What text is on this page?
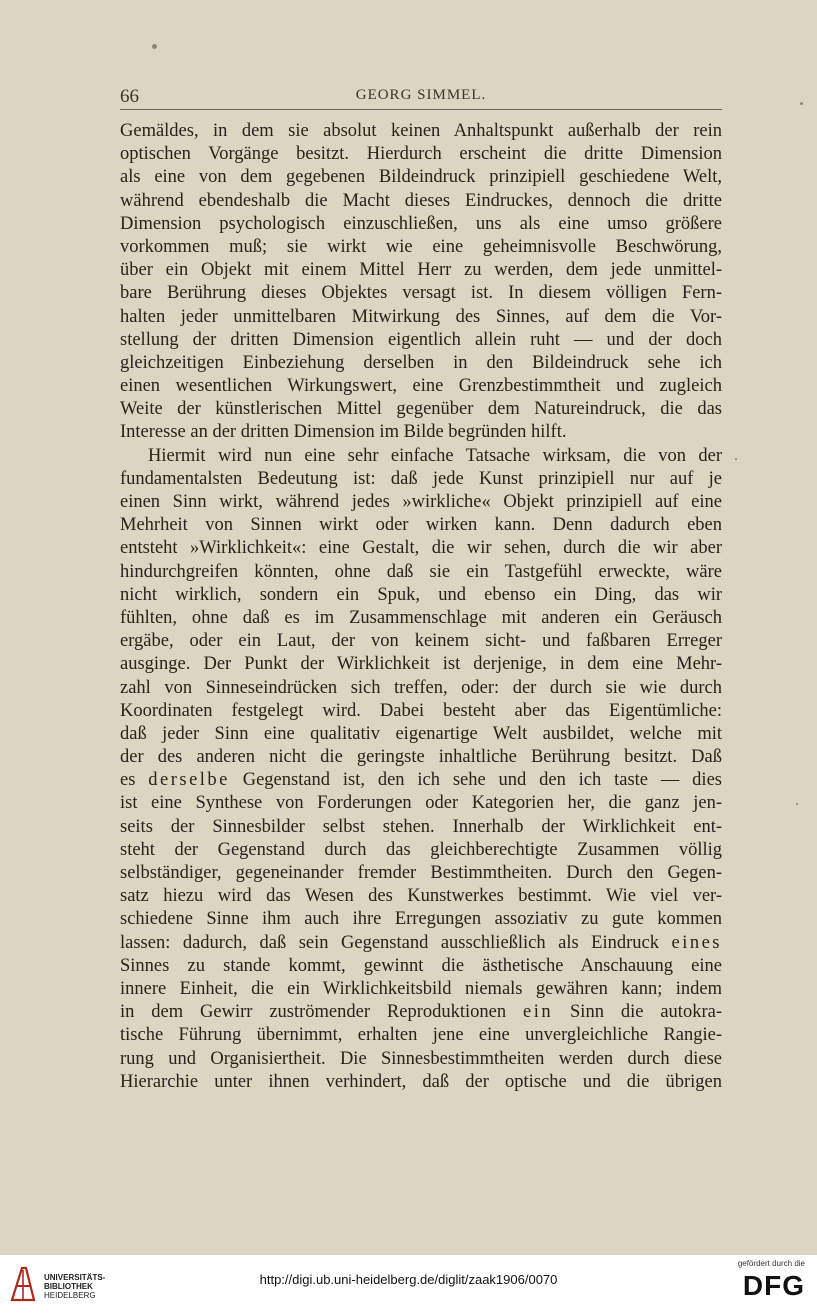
66	GEORG SIMMEL.
Gemäldes, in dem sie absolut keinen Anhaltspunkt außerhalb der rein
optischen Vorgänge besitzt. Hierdurch erscheint die dritte Dimension
als eine von dem gegebenen Bildeindruck prinzipiell geschiedene Welt,
während ebendeshalb die Macht dieses Eindruckes, dennoch die dritte
Dimension psychologisch einzuschließen, uns als eine umso größere
vorkommen muß; sie wirkt wie eine geheimnisvolle Beschwörung,
über ein Objekt mit einem Mittel Herr zu werden, dem jede unmittel-
bare Berührung dieses Objektes versagt ist. In diesem völligen Fern-
halten jeder unmittelbaren Mitwirkung des Sinnes, auf dem die Vor-
stellung der dritten Dimension eigentlich allein ruht — und der doch
gleichzeitigen Einbeziehung derselben in den Bildeindruck sehe ich
einen wesentlichen Wirkungswert, eine Grenzbestimmtheit und zugleich
Weite der künstlerischen Mittel gegenüber dem Natureindruck, die das
Interesse an der dritten Dimension im Bilde begründen hilft.
Hiermit wird nun eine sehr einfache Tatsache wirksam, die von der
fundamentalsten Bedeutung ist: daß jede Kunst prinzipiell nur auf je
einen Sinn wirkt, während jedes »wirkliche« Objekt prinzipiell auf eine
Mehrheit von Sinnen wirkt oder wirken kann. Denn dadurch eben
entsteht »Wirklichkeit«: eine Gestalt, die wir sehen, durch die wir aber
hindurchgreifen könnten, ohne daß sie ein Tastgefühl erweckte, wäre
nicht wirklich, sondern ein Spuk, und ebenso ein Ding, das wir
fühlten, ohne daß es im Zusammenschlage mit anderen ein Geräusch
ergäbe, oder ein Laut, der von keinem sicht- und faßbaren Erreger
ausginge. Der Punkt der Wirklichkeit ist derjenige, in dem eine Mehr-
zahl von Sinneseindrücken sich treffen, oder: der durch sie wie durch
Koordinaten festgelegt wird. Dabei besteht aber das Eigentümliche:
daß jeder Sinn eine qualitativ eigenartige Welt ausbildet, welche mit
der des anderen nicht die geringste inhaltliche Berührung besitzt. Daß
es derselbe Gegenstand ist, den ich sehe und den ich taste — dies
ist eine Synthese von Forderungen oder Kategorien her, die ganz jen-
seits der Sinnesbilder selbst stehen. Innerhalb der Wirklichkeit ent-
steht der Gegenstand durch das gleichberechtigte Zusammen völlig
selbständiger, gegeneinander fremder Bestimmtheiten. Durch den Gegen-
satz hiezu wird das Wesen des Kunstwerkes bestimmt. Wie viel ver-
schiedene Sinne ihm auch ihre Erregungen assoziativ zu gute kommen
lassen: dadurch, daß sein Gegenstand ausschließlich als Eindruck eines
Sinnes zu stande kommt, gewinnt die ästhetische Anschauung eine
innere Einheit, die ein Wirklichkeitsbild niemals gewähren kann; indem
in dem Gewirr zuströmender Reproduktionen ein Sinn die autokra-
tische Führung übernimmt, erhalten jene eine unvergleichliche Rangie-
rung und Organisiertheit. Die Sinnesbestimmtheiten werden durch diese
Hierarchie unter ihnen verhindert, daß der optische und die übrigen
UNIVERSITÄTS-
BIBLIOTHEK
HEIDELBERG
http://digi.ub.uni-heidelberg.de/diglit/zaak1906/0070
gefördert durch die
DFG
